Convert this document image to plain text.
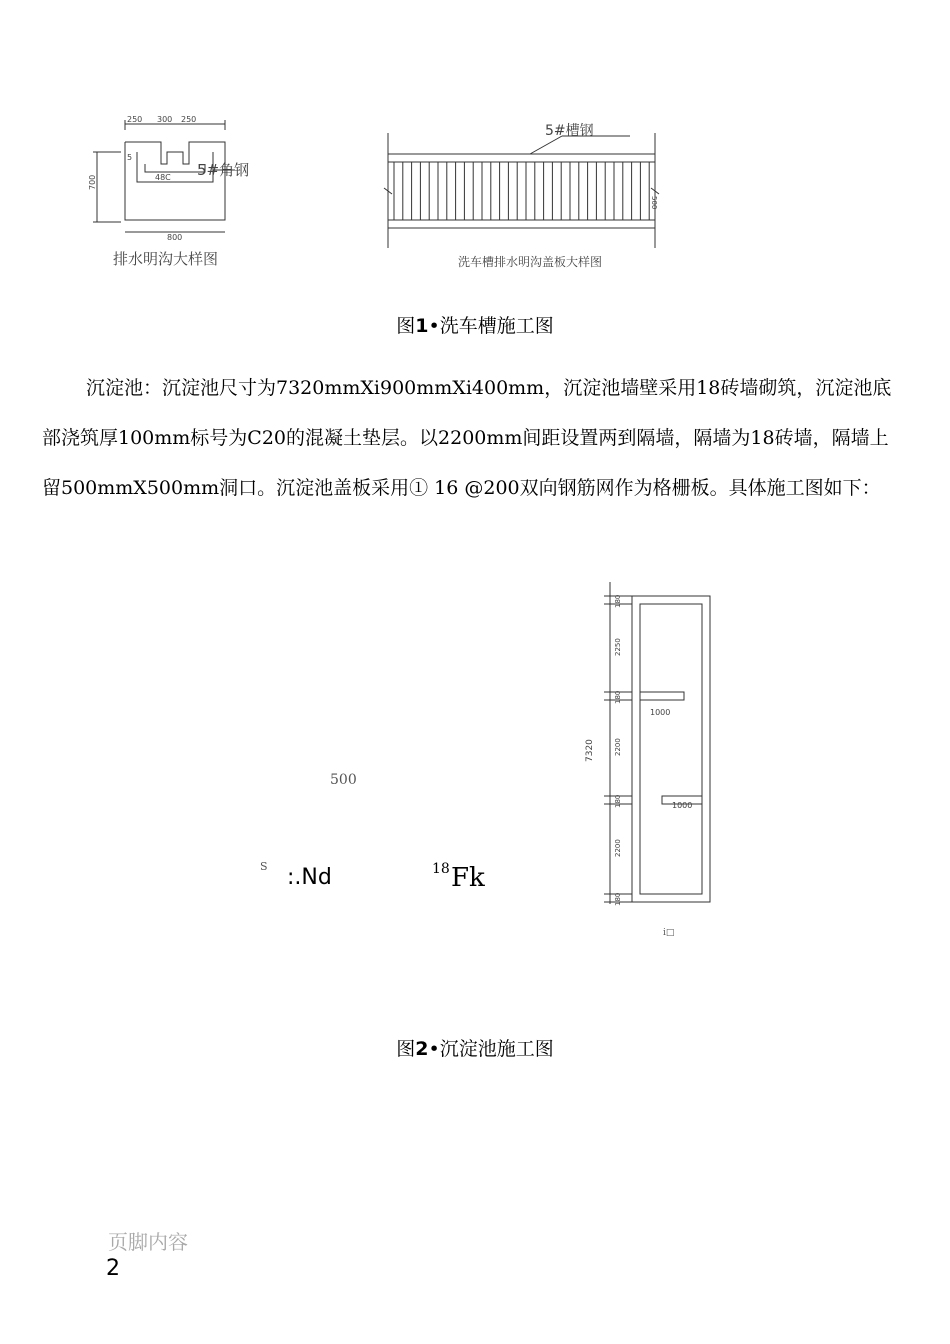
250 300 250
700
5
48C
800
5#角钢
排水明沟大样图
5#槽钢
500
洗车槽排水明沟盖板大样图
图1•洗车槽施工图
沉淀池：沉淀池尺寸为7320mmXi900mmXi400mm，沉淀池墙壁采用18砖墙砌筑，沉淀池底部浇筑厚100mm标号为C20的混凝土垫层。以2200mm间距设置两到隔墙，隔墙为18砖墙，隔墙上留500mmX500mm洞口。沉淀池盖板采用① 16 @200双向钢筋网作为格栅板。具体施工图如下：
500
S :.Nd	18 Fk
i□
1000
1000
7320
180
2250
180
2200
180
2200
180
图2•沉淀池施工图
页脚内容
2
